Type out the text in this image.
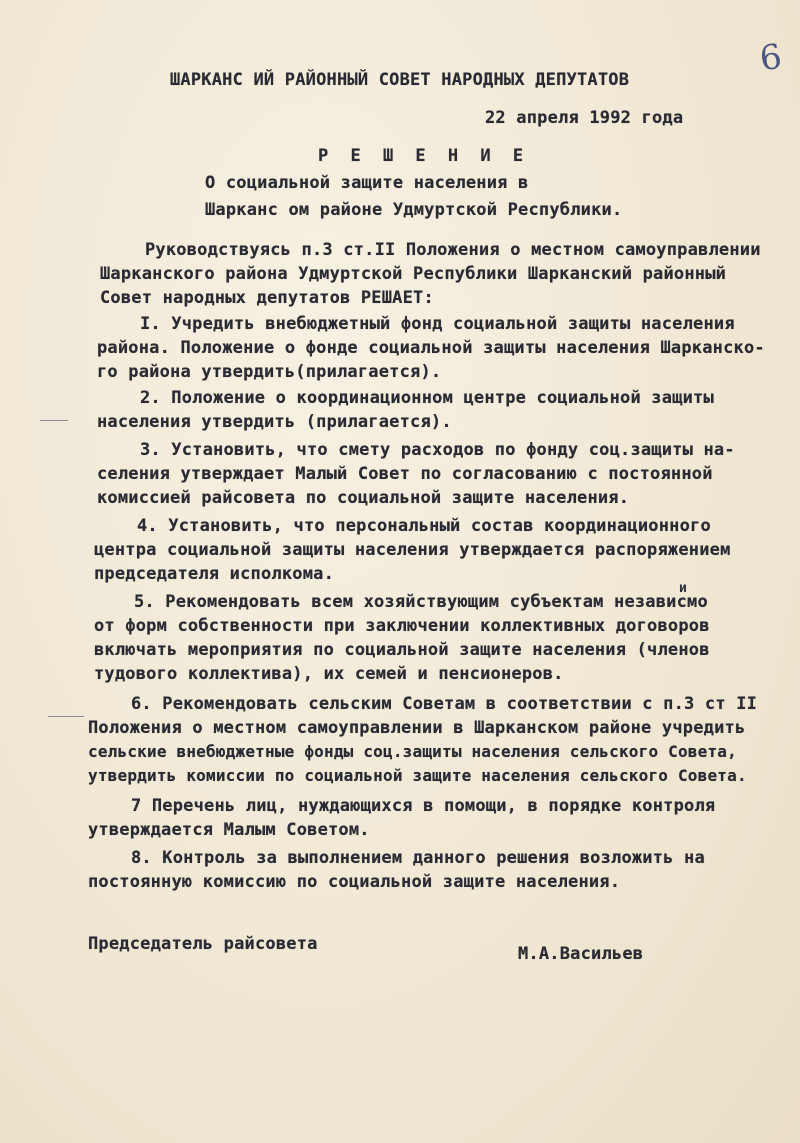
6
ШАРКАНС ИЙ РАЙОННЫЙ СОВЕТ НАРОДНЫХ ДЕПУТАТОВ
22 апреля 1992 года
Р Е Ш Е Н И Е
О социальной защите населения в
Шарканс ом районе Удмуртской Республики.
Руководствуясь п.3 ст.II Положения о местном самоуправлении
Шарканского района Удмуртской Республики Шарканский районный
Совет народных депутатов РЕШАЕТ:
I. Учредить внебюджетный фонд социальной защиты населения
района. Положение о фонде социальной защиты населения Шарканско-
го района утвердить(прилагается).
2. Положение о координационном центре социальной защиты
населения утвердить (прилагается).
3. Установить, что смету расходов по фонду соц.защиты на-
селения утверждает Малый Совет по согласованию с постоянной
комиссией райсовета по социальной защите населения.
4. Установить, что персональный состав координационного
центра социальной защиты населения утверждается распоряжением
председателя исполкома.
и
5. Рекомендовать всем хозяйствующим субъектам независмо
от форм собственности при заключении коллективных договоров
включать мероприятия по социальной защите населения (членов
тудового коллектива), их семей и пенсионеров.
6. Рекомендовать сельским Советам в соответствии с п.3 ст II
Положения о местном самоуправлении в Шарканском районе учредить
сельские внебюджетные фонды соц.защиты населения сельского Совета,
утвердить комиссии по социальной защите населения сельского Совета.
7 Перечень лиц, нуждающихся в помощи, в порядке контроля
утверждается Малым Советом.
8. Контроль за выполнением данного решения возложить на
постоянную комиссию по социальной защите населения.
Председатель райсовета	М.А.Васильев
